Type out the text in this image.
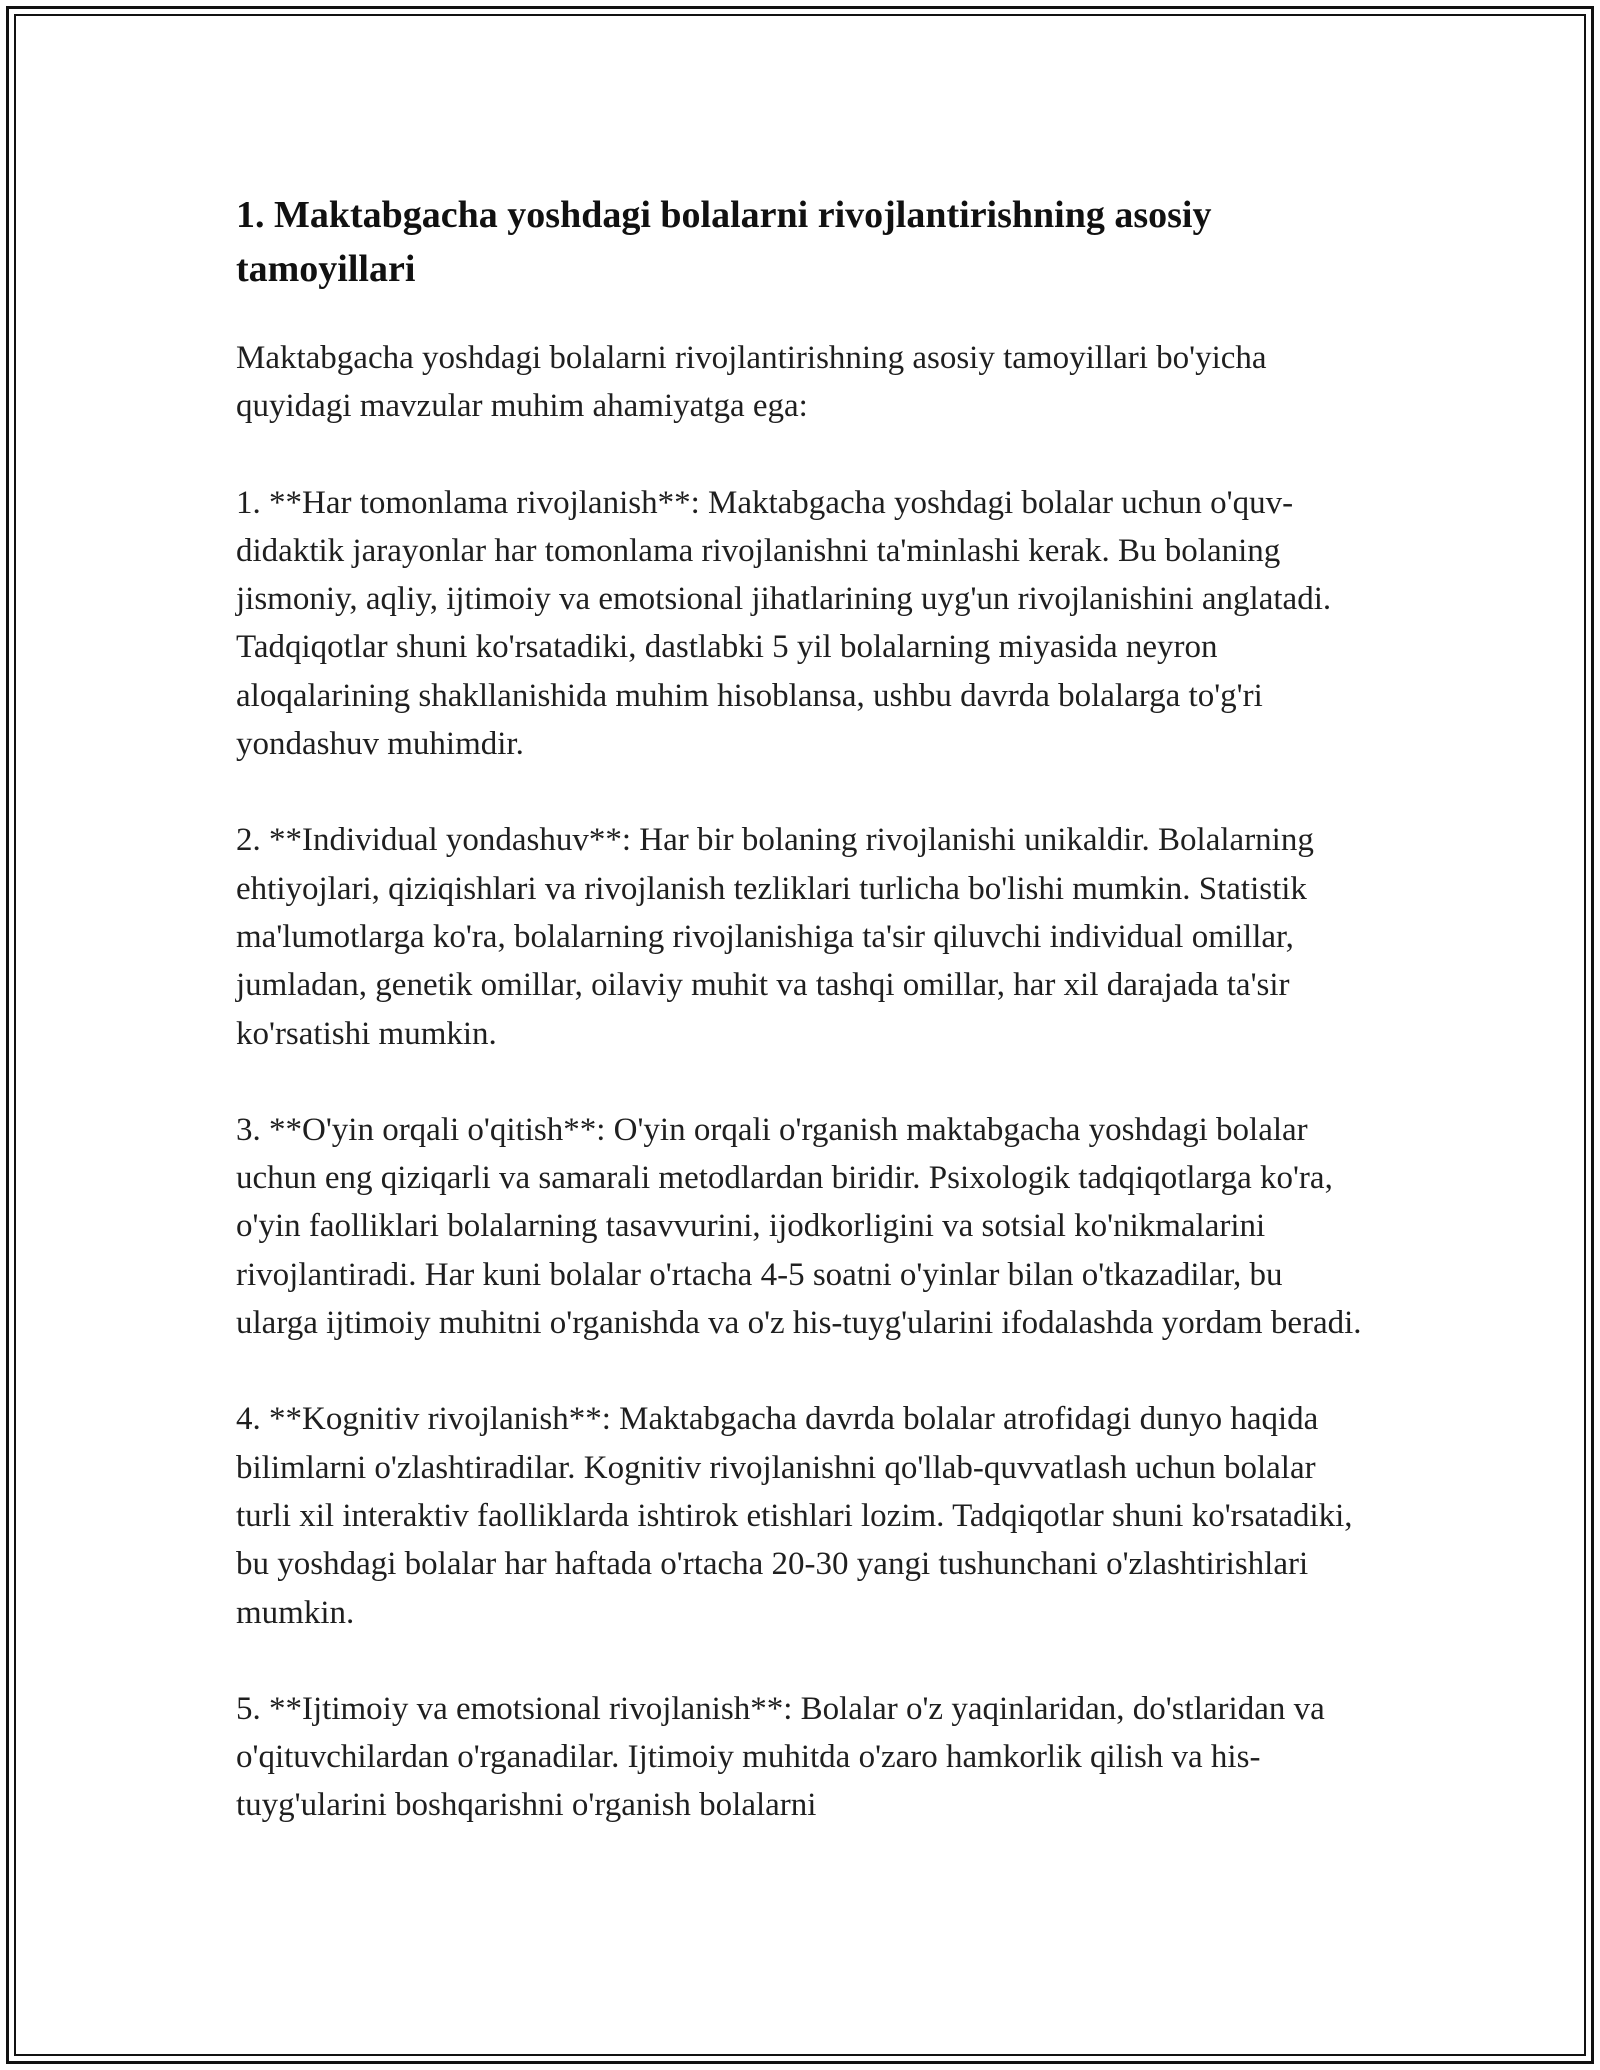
1. Maktabgacha yoshdagi bolalarni rivojlantirishning asosiy tamoyillari

Maktabgacha yoshdagi bolalarni rivojlantirishning asosiy tamoyillari bo'yicha quyidagi mavzular muhim ahamiyatga ega:

1. **Har tomonlama rivojlanish**: Maktabgacha yoshdagi bolalar uchun o'quv-didaktik jarayonlar har tomonlama rivojlanishni ta'minlashi kerak. Bu bolaning jismoniy, aqliy, ijtimoiy va emotsional jihatlarining uyg'un rivojlanishini anglatadi. Tadqiqotlar shuni ko'rsatadiki, dastlabki 5 yil bolalarning miyasida neyron aloqalarining shakllanishida muhim hisoblansa, ushbu davrda bolalarga to'g'ri yondashuv muhimdir.

2. **Individual yondashuv**: Har bir bolaning rivojlanishi unikaldir. Bolalarning ehtiyojlari, qiziqishlari va rivojlanish tezliklari turlicha bo'lishi mumkin. Statistik ma'lumotlarga ko'ra, bolalarning rivojlanishiga ta'sir qiluvchi individual omillar, jumladan, genetik omillar, oilaviy muhit va tashqi omillar, har xil darajada ta'sir ko'rsatishi mumkin.

3. **O'yin orqali o'qitish**: O'yin orqali o'rganish maktabgacha yoshdagi bolalar uchun eng qiziqarli va samarali metodlardan biridir. Psixologik tadqiqotlarga ko'ra, o'yin faolliklari bolalarning tasavvurini, ijodkorligini va sotsial ko'nikmalarini rivojlantiradi. Har kuni bolalar o'rtacha 4-5 soatni o'yinlar bilan o'tkazadilar, bu ularga ijtimoiy muhitni o'rganishda va o'z his-tuyg'ularini ifodalashda yordam beradi.

4. **Kognitiv rivojlanish**: Maktabgacha davrda bolalar atrofidagi dunyo haqida bilimlarni o'zlashtiradilar. Kognitiv rivojlanishni qo'llab-quvvatlash uchun bolalar turli xil interaktiv faolliklarda ishtirok etishlari lozim. Tadqiqotlar shuni ko'rsatadiki, bu yoshdagi bolalar har haftada o'rtacha 20-30 yangi tushunchani o'zlashtirishlari mumkin.

5. **Ijtimoiy va emotsional rivojlanish**: Bolalar o'z yaqinlaridan, do'stlaridan va o'qituvchilardan o'rganadilar. Ijtimoiy muhitda o'zaro hamkorlik qilish va his-tuyg'ularini boshqarishni o'rganish bolalarni
